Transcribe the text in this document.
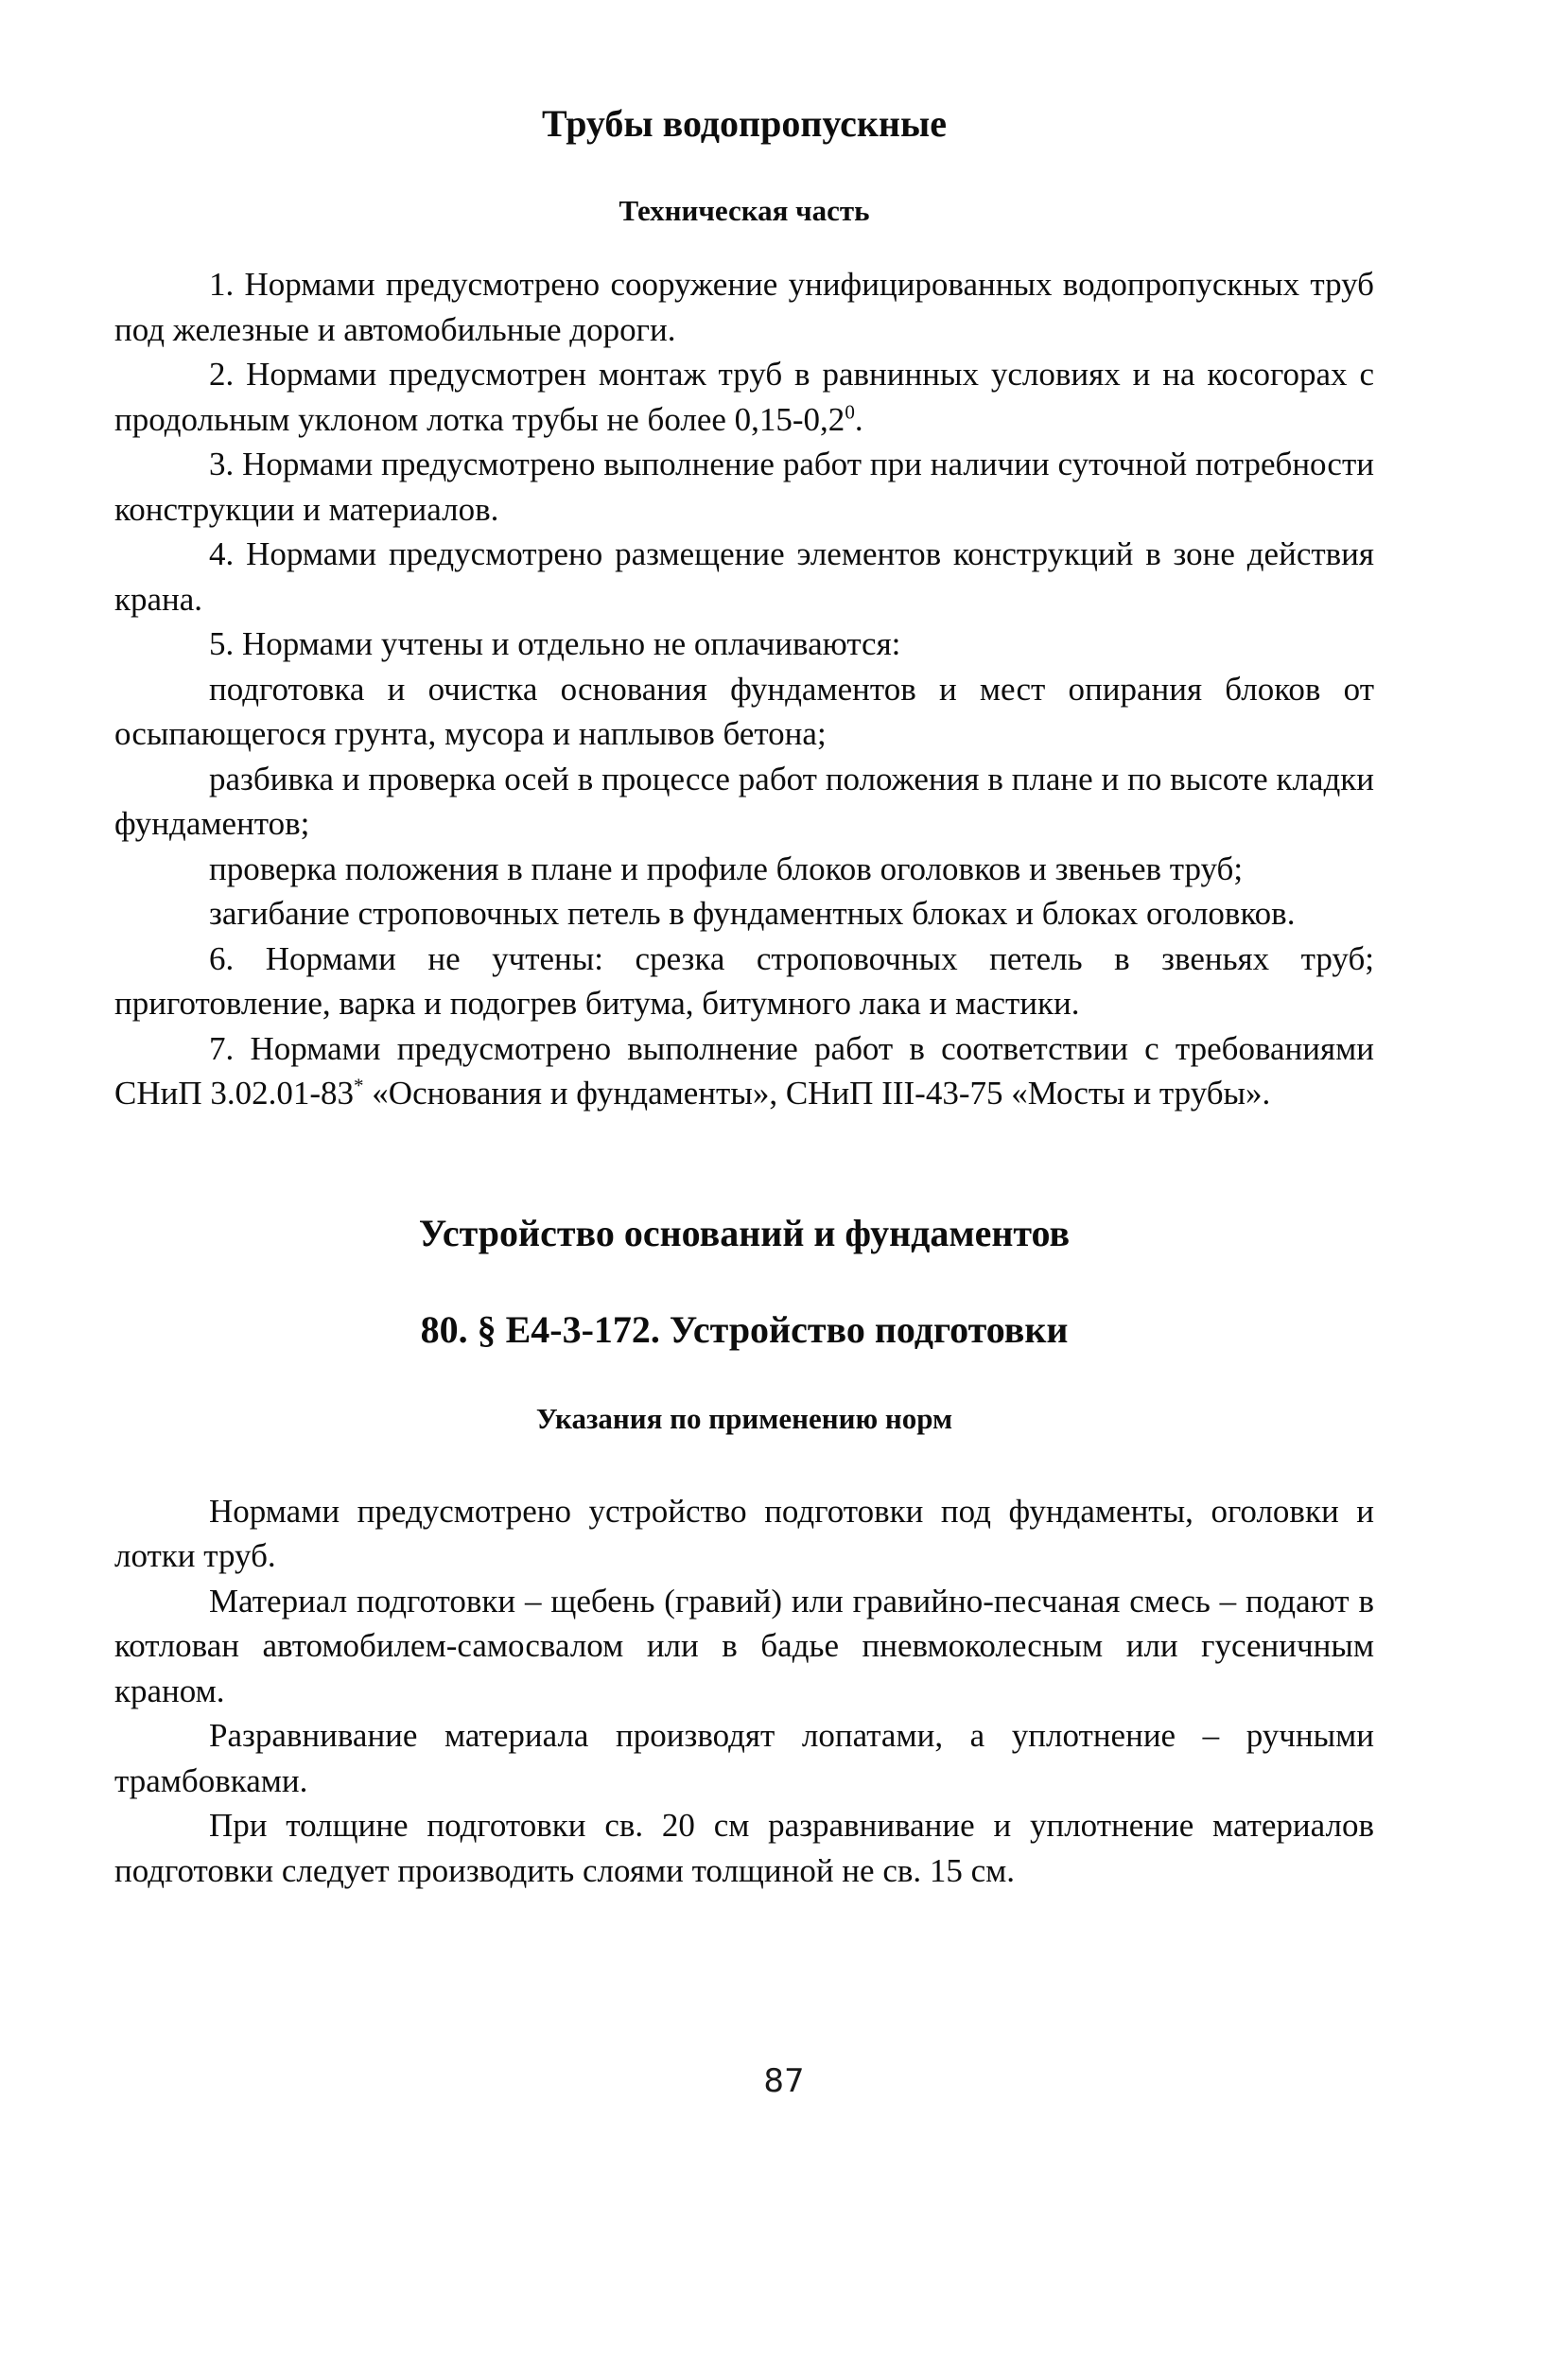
Трубы водопропускные
Техническая часть

1. Нормами предусмотрено сооружение унифицированных водопропускных труб под железные и автомобильные дороги.

2. Нормами предусмотрен монтаж труб в равнинных условиях и на косогорах с продольным уклоном лотка трубы не более $0,15-0,2^0$.

3. Нормами предусмотрено выполнение работ при наличии суточной потребности конструкции и материалов.

4. Нормами предусмотрено размещение элементов конструкций в зоне действия крана.

5. Нормами учтены и отдельно не оплачиваются:

подготовка и очистка основания фундаментов и мест опирания блоков от осыпающегося грунта, мусора и наплывов бетона;

разбивка и проверка осей в процессе работ положения в плане и по высоте кладки фундаментов;

проверка положения в плане и профиле блоков оголовков и звеньев труб;

загибание строповочных петель в фундаментных блоках и блоках оголовков.

6. Нормами не учтены: срезка строповочных петель в звеньях труб; приготовление, варка и подогрев битума, битумного лака и мастики.

7. Нормами предусмотрено выполнение работ в соответствии с требованиями СНиП 3.02.01-83* «Основания и фундаменты», СНиП III-43-75 «Мосты и трубы».

Устройство оснований и фундаментов
80. § Е4-3-172. Устройство подготовки
Указания по применению норм

Нормами предусмотрено устройство подготовки под фундаменты, оголовки и лотки труб.

Материал подготовки – щебень (гравий) или гравийно-песчаная смесь – подают в котлован автомобилем-самосвалом или в бадье пневмоколесным или гусеничным краном.

Разравнивание материала производят лопатами, а уплотнение – ручными трамбовками.

При толщине подготовки св. 20 см разравнивание и уплотнение материалов подготовки следует производить слоями толщиной не св. 15 см.

87
